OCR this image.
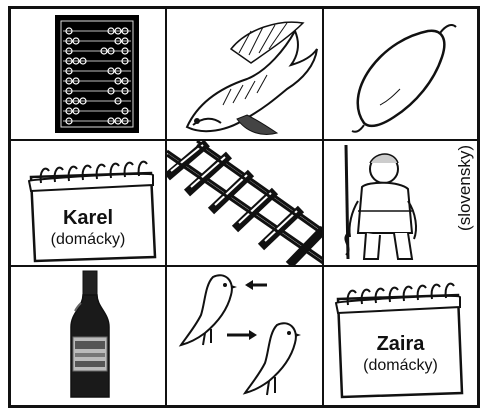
Karel
(domácky)
(slovensky)
Zaira
(domácky)
